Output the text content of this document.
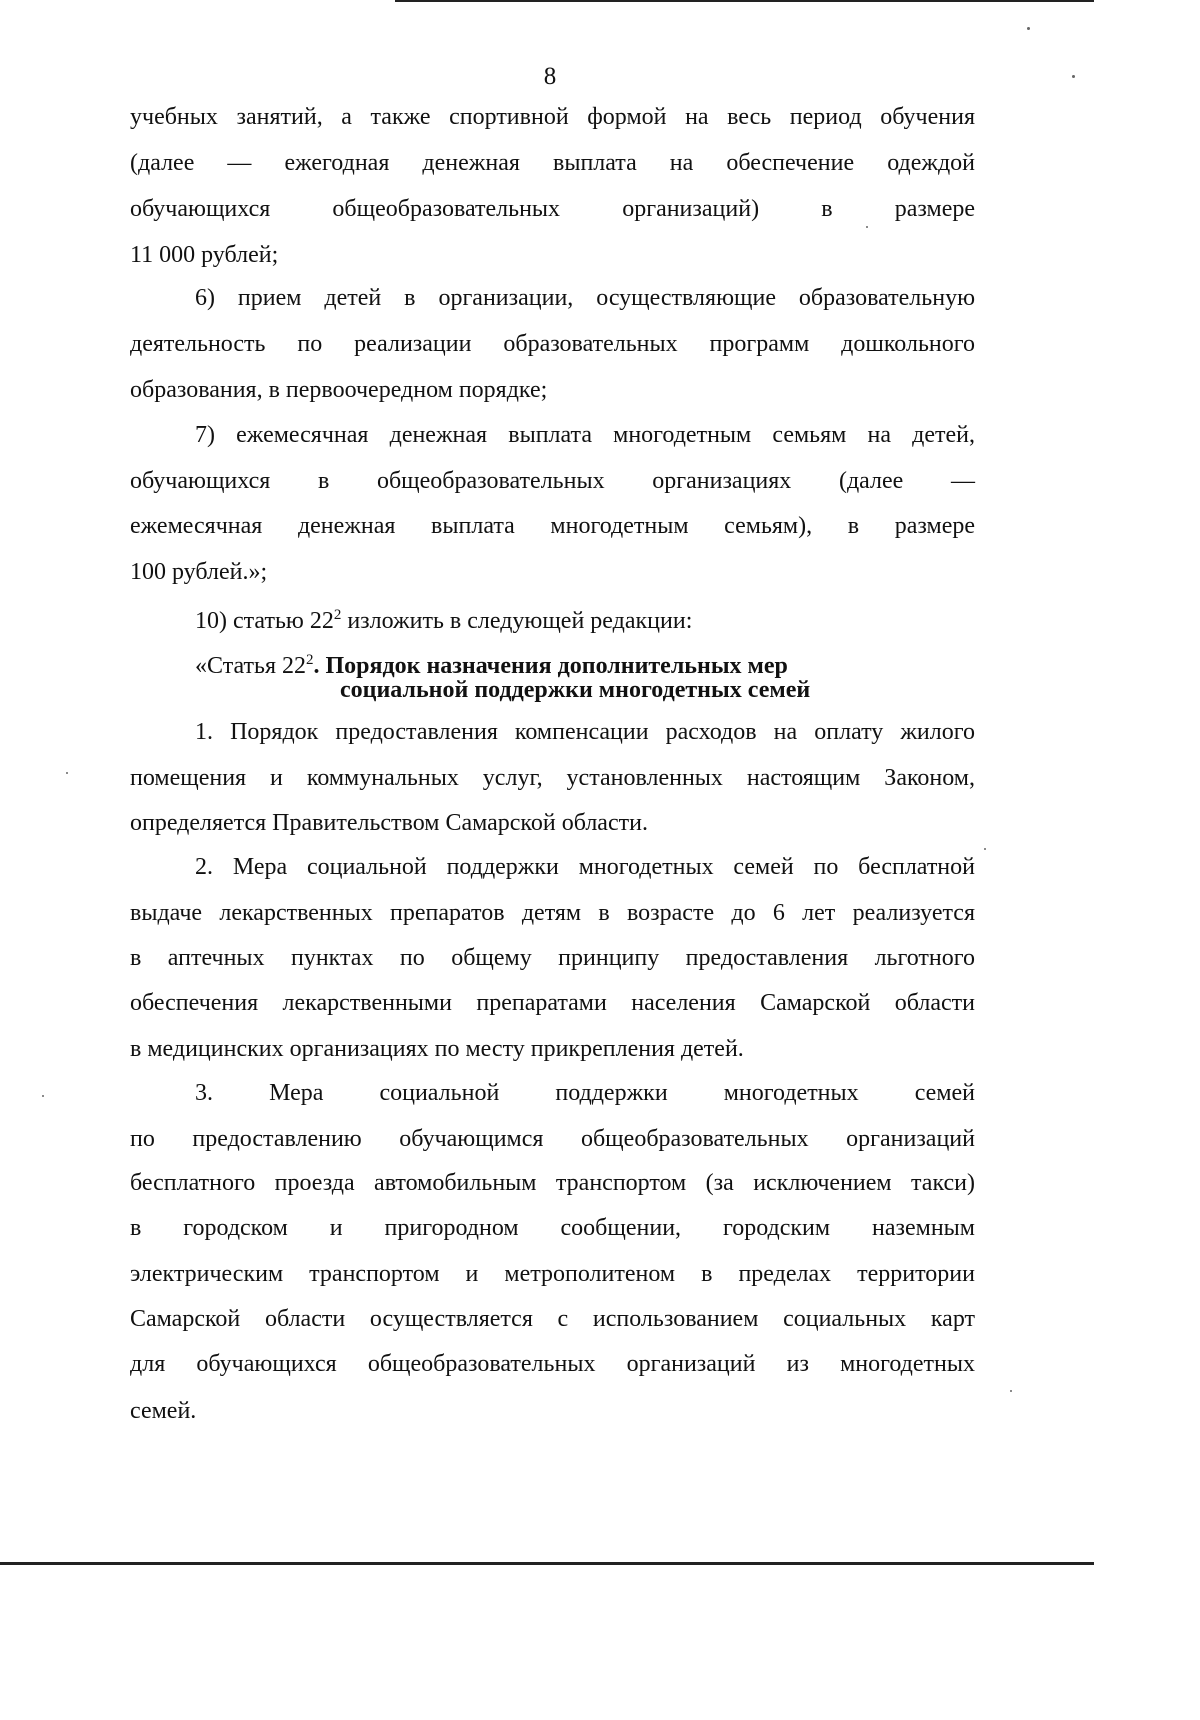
8
учебных занятий, а также спортивной формой на весь период обучения
(далее — ежегодная денежная выплата на обеспечение одеждой
обучающихся общеобразовательных организаций) в размере
11 000 рублей;
6) прием детей в организации, осуществляющие образовательную
деятельность по реализации образовательных программ дошкольного
образования, в первоочередном порядке;
7) ежемесячная денежная выплата многодетным семьям на детей,
обучающихся в общеобразовательных организациях (далее —
ежемесячная денежная выплата многодетным семьям), в размере
100 рублей.»;
10) статью $22^2$ изложить в следующей редакции:
«Статья $22^2$. Порядок назначения дополнительных мер
социальной поддержки многодетных семей
1. Порядок предоставления компенсации расходов на оплату жилого
помещения и коммунальных услуг, установленных настоящим Законом,
определяется Правительством Самарской области.
2. Мера социальной поддержки многодетных семей по бесплатной
выдаче лекарственных препаратов детям в возрасте до 6 лет реализуется
в аптечных пунктах по общему принципу предоставления льготного
обеспечения лекарственными препаратами населения Самарской области
в медицинских организациях по месту прикрепления детей.
3. Мера социальной поддержки многодетных семей
по предоставлению обучающимся общеобразовательных организаций
бесплатного проезда автомобильным транспортом (за исключением такси)
в городском и пригородном сообщении, городским наземным
электрическим транспортом и метрополитеном в пределах территории
Самарской области осуществляется с использованием социальных карт
для обучающихся общеобразовательных организаций из многодетных
семей.
